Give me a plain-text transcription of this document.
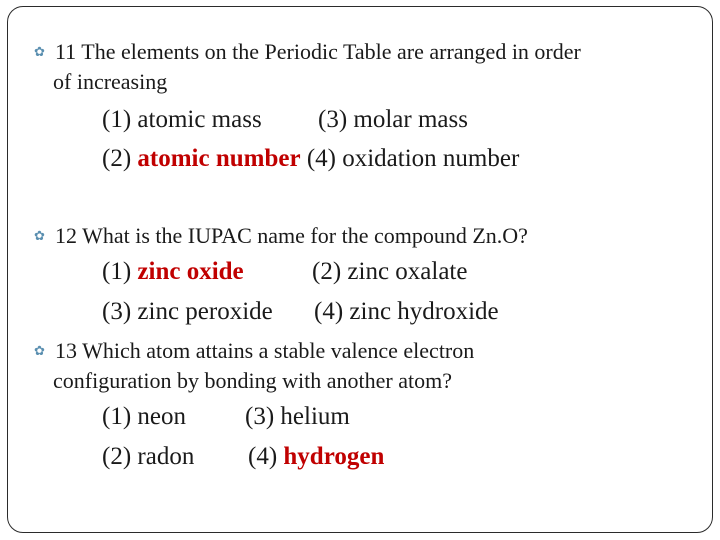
✿ 11 The elements on the Periodic Table are arranged in order
of increasing
(1) atomic mass (3) molar mass
(2) atomic number (4) oxidation number
✿ 12 What is the IUPAC name for the compound Zn.O?
(1) zinc oxide	(2) zinc oxalate
(3) zinc peroxide (4) zinc hydroxide
✿ 13 Which atom attains a stable valence electron
configuration by bonding with another atom?
(1) neon (3) helium
(2) radon (4) hydrogen
